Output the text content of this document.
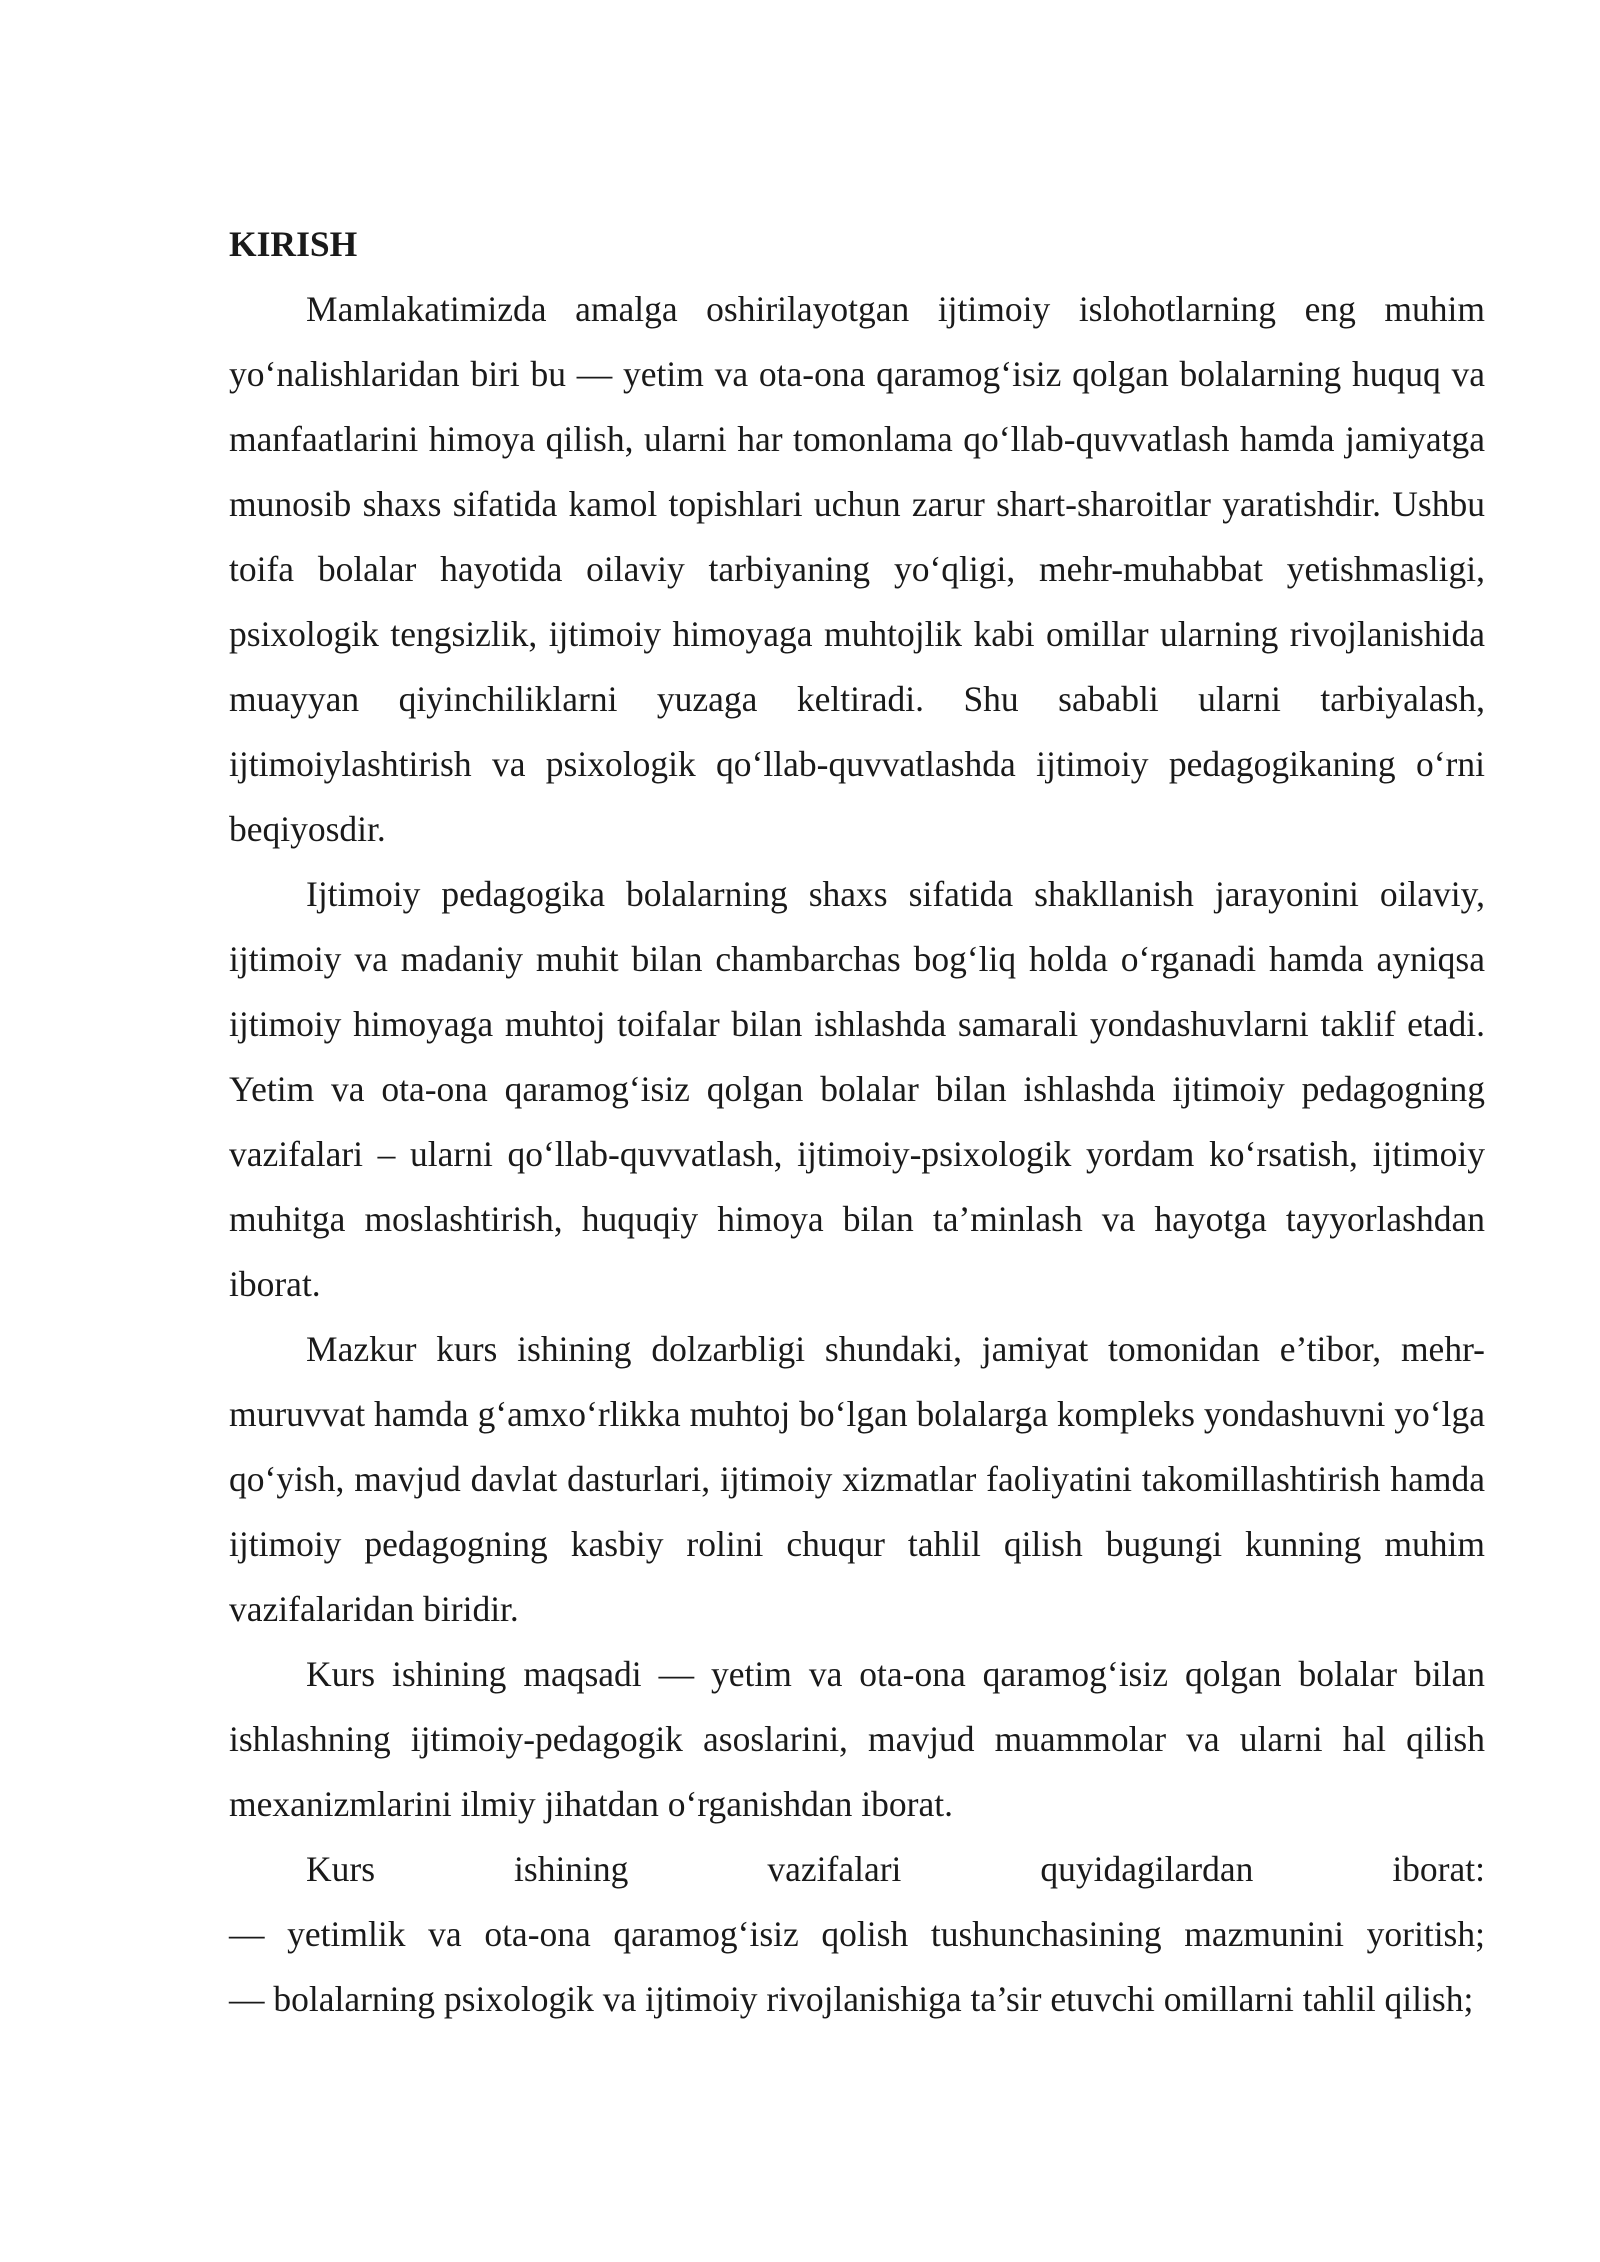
KIRISH

Mamlakatimizda amalga oshirilayotgan ijtimoiy islohotlarning eng muhim yo‘nalishlaridan biri bu — yetim va ota-ona qaramog‘isiz qolgan bolalarning huquq va manfaatlarini himoya qilish, ularni har tomonlama qo‘llab-quvvatlash hamda jamiyatga munosib shaxs sifatida kamol topishlari uchun zarur shart-sharoitlar yaratishdir. Ushbu toifa bolalar hayotida oilaviy tarbiyaning yo‘qligi, mehr-muhabbat yetishmasligi, psixologik tengsizlik, ijtimoiy himoyaga muhtojlik kabi omillar ularning rivojlanishida muayyan qiyinchiliklarni yuzaga keltiradi. Shu sababli ularni tarbiyalash, ijtimoiylashtirish va psixologik qo‘llab-quvvatlashda ijtimoiy pedagogikaning o‘rni beqiyosdir.

Ijtimoiy pedagogika bolalarning shaxs sifatida shakllanish jarayonini oilaviy, ijtimoiy va madaniy muhit bilan chambarchas bog‘liq holda o‘rganadi hamda ayniqsa ijtimoiy himoyaga muhtoj toifalar bilan ishlashda samarali yondashuvlarni taklif etadi. Yetim va ota-ona qaramog‘isiz qolgan bolalar bilan ishlashda ijtimoiy pedagogning vazifalari – ularni qo‘llab-quvvatlash, ijtimoiy-psixologik yordam ko‘rsatish, ijtimoiy muhitga moslashtirish, huquqiy himoya bilan ta’minlash va hayotga tayyorlashdan iborat.

Mazkur kurs ishining dolzarbligi shundaki, jamiyat tomonidan e’tibor, mehr-muruvvat hamda g‘amxo‘rlikka muhtoj bo‘lgan bolalarga kompleks yondashuvni yo‘lga qo‘yish, mavjud davlat dasturlari, ijtimoiy xizmatlar faoliyatini takomillashtirish hamda ijtimoiy pedagogning kasbiy rolini chuqur tahlil qilish bugungi kunning muhim vazifalaridan biridir.

Kurs ishining maqsadi — yetim va ota-ona qaramog‘isiz qolgan bolalar bilan ishlashning ijtimoiy-pedagogik asoslarini, mavjud muammolar va ularni hal qilish mexanizmlarini ilmiy jihatdan o‘rganishdan iborat.

Kurs ishining vazifalari quyidagilardan iborat:

— yetimlik va ota-ona qaramog‘isiz qolish tushunchasining mazmunini yoritish;

— bolalarning psixologik va ijtimoiy rivojlanishiga ta’sir etuvchi omillarni tahlil qilish;
